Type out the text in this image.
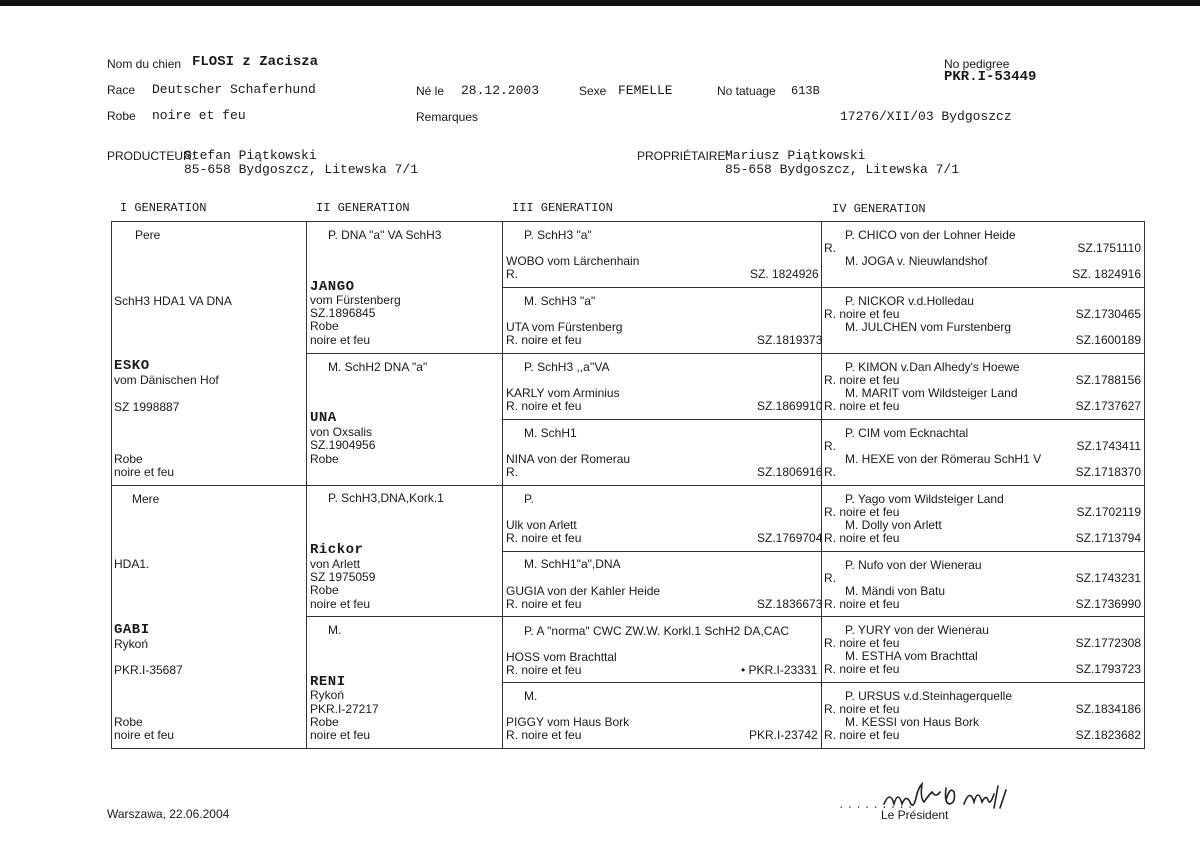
Nom du chien FLOSI z Zacisza	No pedigree
PKR.I-53449
Race Deutscher Schaferhund	Né le 28.12.2003	Sexe FEMELLE	No tatuage 613B
Robe noire et feu	Remarques	17276/XII/03 Bydgoszcz
PRODUCTEUR:
Stefan Piątkowski
85-658 Bydgoszcz, Litewska 7/1
PROPRIÉTAIRE:
Mariusz Piątkowski
85-658 Bydgoszcz, Litewska 7/1
I GENERATION	II GENERATION	III GENERATION	IV GENERATION
Pere
SchH3 HDA1 VA DNA
ESKO
vom Dänischen Hof
SZ 1998887
Robe
noire et feu
Mere
HDA1.
GABI
Rykoń
PKR.I-35687
Robe
noire et feu
P. DNA "a" VA SchH3
JANGO
vom Fürstenberg
SZ.1896845
Robe
noire et feu
M. SchH2 DNA "a"
UNA
von Oxsalis
SZ.1904956
Robe
P. SchH3,DNA,Kork.1
Rickor
von Arlett
SZ 1975059
Robe
noire et feu
M.
RENI
Rykoń
PKR.I-27217
Robe
noire et feu
P. SchH3 "a"
WOBO vom Lärchenhain
R.	SZ. 1824926
M. SchH3 "a"
UTA vom Fürstenberg
R. noire et feu	SZ.1819373
P. SchH3 ,,a''VA
KARLY vom Arminius
R. noire et feu	SZ.1869910
M. SchH1
NINA von der Romerau
R.	SZ.1806916
P.
Ulk von Arlett
R. noire et feu	SZ.1769704
M. SchH1"a",DNA
GUGIA von der Kahler Heide
R. noire et feu	SZ.1836673
P. A "norma" CWC ZW.W. Korkl.1 SchH2 DA,CAC
HOSS vom Brachttal
R. noire et feu	• PKR.I-23331
M.
PIGGY vom Haus Bork
R. noire et feu	PKR.I-23742
P. CHICO von der Lohner Heide
R.	SZ.1751110
M. JOGA v. Nieuwlandshof
SZ. 1824916
P. NICKOR v.d.Holledau
R. noire et feu	SZ.1730465
M. JULCHEN vom Furstenberg
SZ.1600189
P. KIMON v.Dan Alhedy's Hoewe
R. noire et feu	SZ.1788156
M. MARIT vom Wildsteiger Land
R. noire et feu	SZ.1737627
P. CIM vom Ecknachtal
R.	SZ.1743411
M. HEXE von der Römerau SchH1 V
R.	SZ.1718370
P. Yago vom Wildsteiger Land
R. noire et feu	SZ.1702119
M. Dolly von Arlett
R. noire et feu	SZ.1713794
P. Nufo von der Wienerau
R.	SZ.1743231
M. Mändi von Batu
R. noire et feu	SZ.1736990
P. YURY von der Wienerau
R. noire et feu	SZ.1772308
M. ESTHA vom Brachttal
R. noire et feu	SZ.1793723
P. URSUS v.d.Steinhagerquelle
R. noire et feu	SZ.1834186
M. KESSI von Haus Bork
R. noire et feu	SZ.1823682
Warszawa, 22.06.2004
.........
Le Président
